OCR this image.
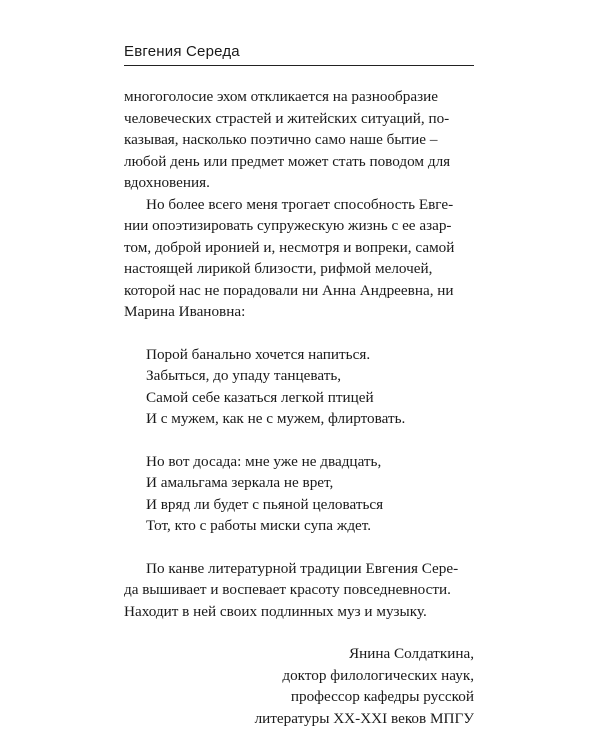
Евгения Середа

многоголосие эхом откликается на разнообразие
человеческих страстей и житейских ситуаций, по-
казывая, насколько поэтично само наше бытие –
любой день или предмет может стать поводом для
вдохновения.

Но более всего меня трогает способность Евге-
нии опоэтизировать супружескую жизнь с ее азар-
том, доброй иронией и, несмотря и вопреки, самой
настоящей лирикой близости, рифмой мелочей,
которой нас не порадовали ни Анна Андреевна, ни
Марина Ивановна:

Порой банально хочется напиться.
Забыться, до упаду танцевать,
Самой себе казаться легкой птицей
И с мужем, как не с мужем, флиртовать.
Но вот досада: мне уже не двадцать,
И амальгама зеркала не врет,
И вряд ли будет с пьяной целоваться
Тот, кто с работы миски супа ждет.

По канве литературной традиции Евгения Сере-
да вышивает и воспевает красоту повседневности.
Находит в ней своих подлинных муз и музыку.

Янина Солдаткина,
доктор филологических наук,
профессор кафедры русской
литературы XX-XXI веков МПГУ
